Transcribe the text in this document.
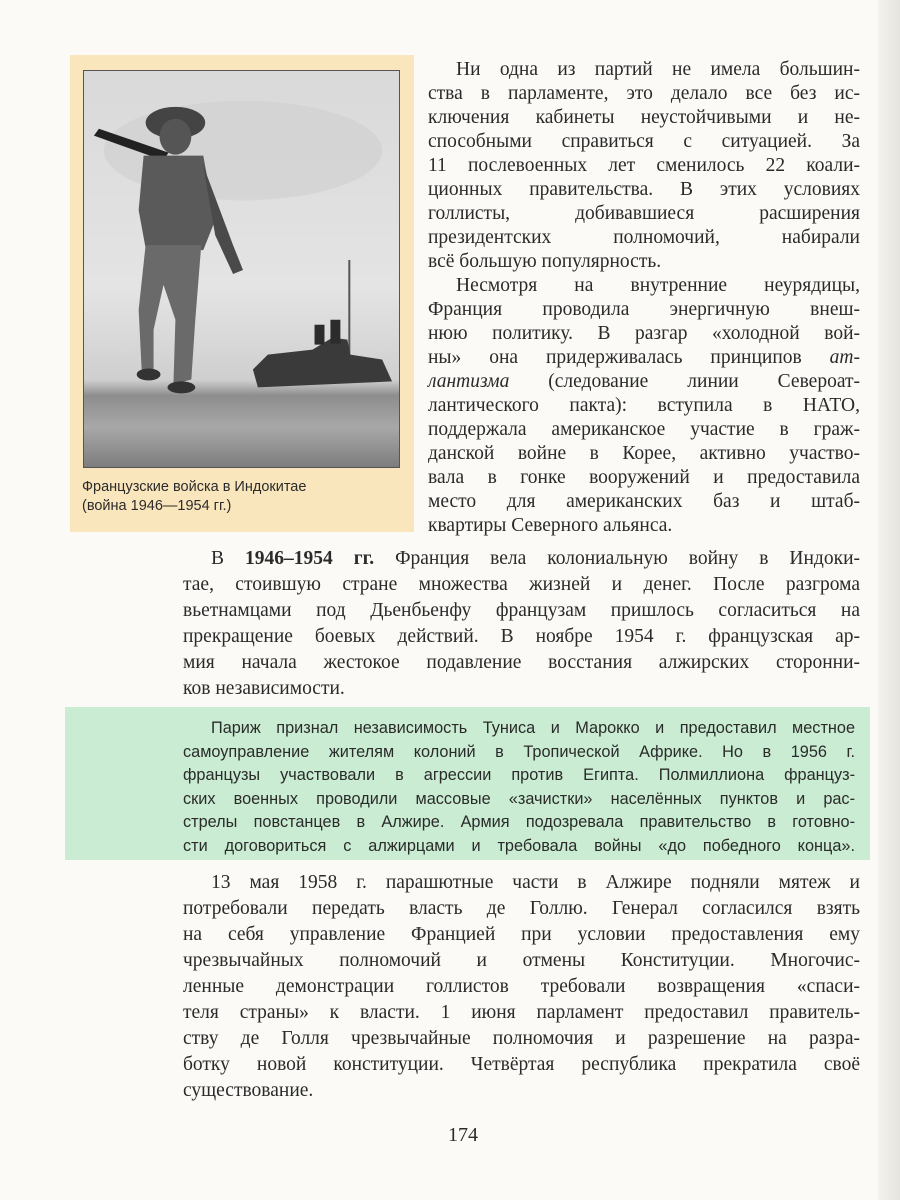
Французские войска в Индокитае
(война 1946—1954 гг.)
Ни одна из партий не имела большин-
ства в парламенте, это делало все без ис-
ключения кабинеты неустойчивыми и не-
способными справиться с ситуацией. За
11 послевоенных лет сменилось 22 коали-
ционных правительства. В этих условиях
голлисты, добивавшиеся расширения
президентских полномочий, набирали
всё большую популярность.
Несмотря на внутренние неурядицы,
Франция проводила энергичную внеш-
нюю политику. В разгар «холодной вой-
ны» она придерживалась принципов ат-
лантизма (следование линии Североат-
лантического пакта): вступила в НАТО,
поддержала американское участие в граж-
данской войне в Корее, активно участво-
вала в гонке вооружений и предоставила
место для американских баз и штаб-
квартиры Северного альянса.
В 1946–1954 гг. Франция вела колониальную войну в Индоки-
тае, стоившую стране множества жизней и денег. После разгрома
вьетнамцами под Дьенбьенфу французам пришлось согласиться на
прекращение боевых действий. В ноябре 1954 г. французская ар-
мия начала жестокое подавление восстания алжирских сторонни-
ков независимости.
Париж признал независимость Туниса и Марокко и предоставил местное
самоуправление жителям колоний в Тропической Африке. Но в 1956 г.
французы участвовали в агрессии против Египта. Полмиллиона француз-
ских военных проводили массовые «зачистки» населённых пунктов и рас-
стрелы повстанцев в Алжире. Армия подозревала правительство в готовно-
сти договориться с алжирцами и требовала войны «до победного конца».
13 мая 1958 г. парашютные части в Алжире подняли мятеж и
потребовали передать власть де Голлю. Генерал согласился взять
на себя управление Францией при условии предоставления ему
чрезвычайных полномочий и отмены Конституции. Многочис-
ленные демонстрации голлистов требовали возвращения «спаси-
теля страны» к власти. 1 июня парламент предоставил правитель-
ству де Голля чрезвычайные полномочия и разрешение на разра-
ботку новой конституции. Четвёртая республика прекратила своё
существование.
174
